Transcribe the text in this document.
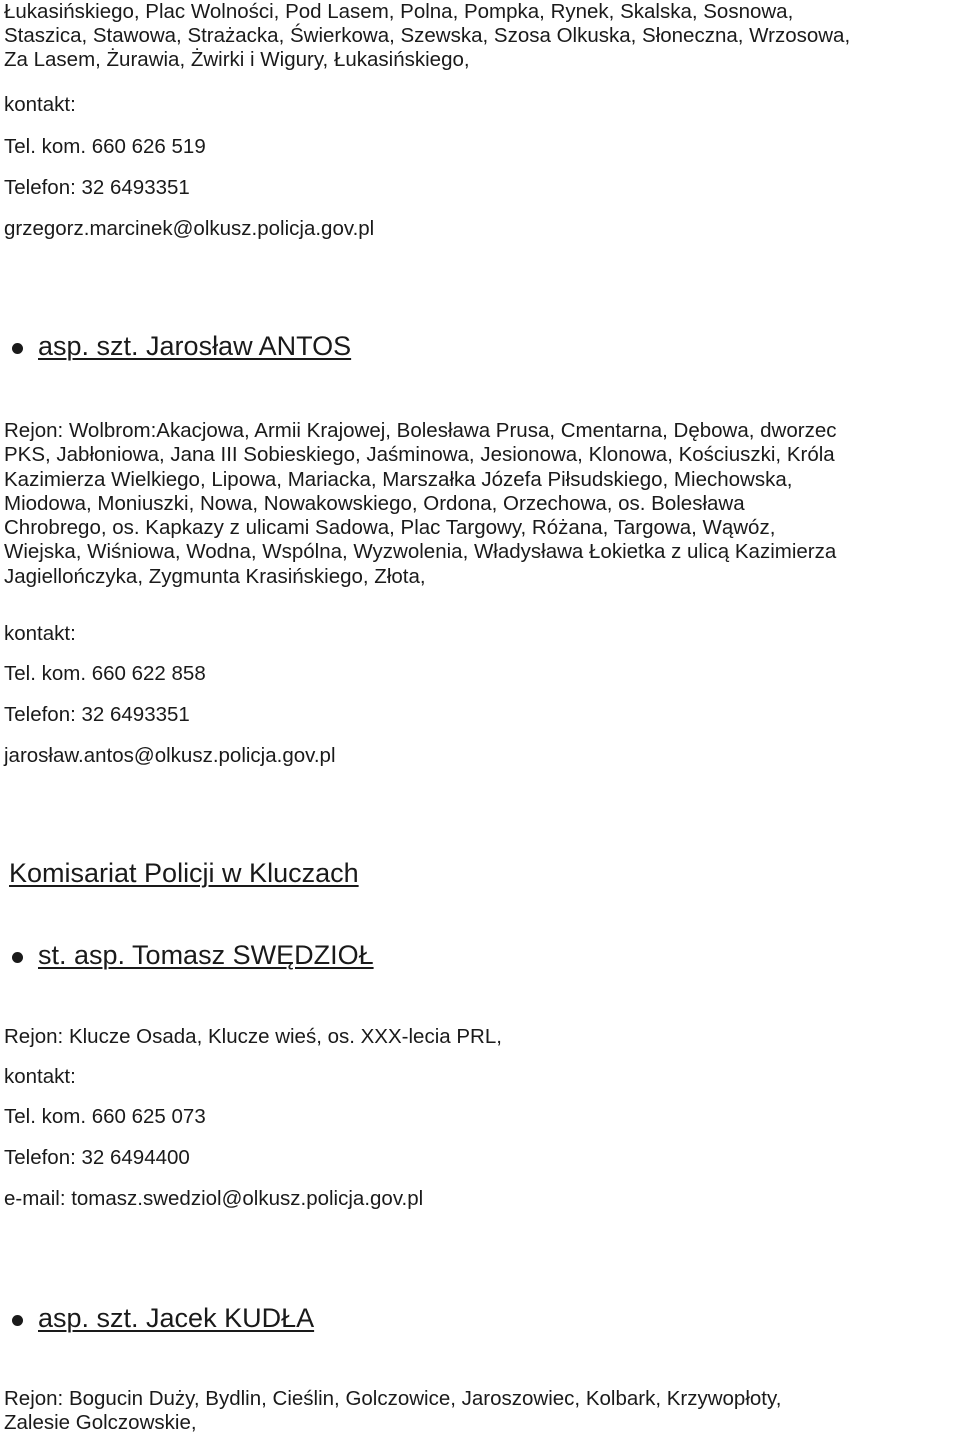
Łukasińskiego, Plac Wolności, Pod Lasem, Polna, Pompka, Rynek, Skalska, Sosnowa,

Staszica, Stawowa, Strażacka, Świerkowa, Szewska, Szosa Olkuska, Słoneczna, Wrzosowa,

Za Lasem, Żurawia, Żwirki i Wigury, Łukasińskiego,

kontakt:

Tel. kom. 660 626 519

Telefon: 32 6493351

grzegorz.marcinek@olkusz.policja.gov.pl
asp. szt. Jarosław ANTOS

Rejon: Wolbrom:Akacjowa, Armii Krajowej, Bolesława Prusa, Cmentarna, Dębowa, dworzec

PKS, Jabłoniowa, Jana III Sobieskiego, Jaśminowa, Jesionowa, Klonowa, Kościuszki, Króla

Kazimierza Wielkiego, Lipowa, Mariacka, Marszałka Józefa Piłsudskiego, Miechowska,

Miodowa, Moniuszki, Nowa, Nowakowskiego, Ordona, Orzechowa, os. Bolesława

Chrobrego, os. Kapkazy z ulicami Sadowa, Plac Targowy, Różana, Targowa, Wąwóz,

Wiejska, Wiśniowa, Wodna, Wspólna, Wyzwolenia, Władysława Łokietka z ulicą Kazimierza

Jagiellończyka, Zygmunta Krasińskiego, Złota,

kontakt:

Tel. kom. 660 622 858

Telefon: 32 6493351

jarosław.antos@olkusz.policja.gov.pl
Komisariat Policji w Kluczach
st. asp. Tomasz SWĘDZIOŁ

Rejon: Klucze Osada, Klucze wieś, os. XXX-lecia PRL,

kontakt:

Tel. kom. 660 625 073

Telefon: 32 6494400

e-mail: tomasz.swedziol@olkusz.policja.gov.pl
asp. szt. Jacek KUDŁA

Rejon: Bogucin Duży, Bydlin, Cieślin, Golczowice, Jaroszowiec, Kolbark, Krzywopłoty,

Zalesie Golczowskie,
